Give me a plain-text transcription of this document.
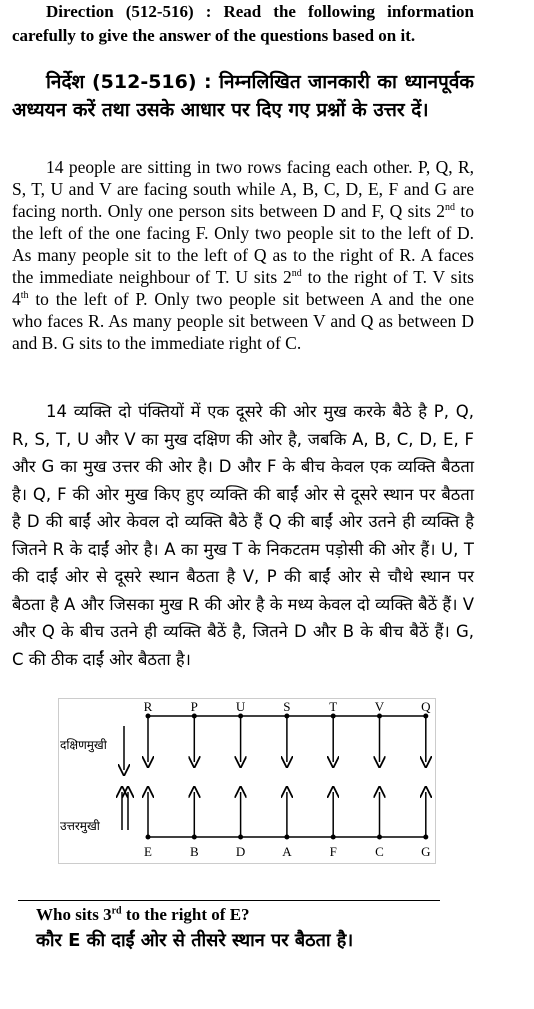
Direction (512-516) : Read the following information carefully to give the answer of the questions based on it.
निर्देश (512-516) : निम्नलिखित जानकारी का ध्यानपूर्वक अध्ययन करें तथा उसके आधार पर दिए गए प्रश्नों के उत्तर दें।
14 people are sitting in two rows facing each other. P, Q, R, S, T, U and V are facing south while A, B, C, D, E, F and G are facing north. Only one person sits between D and F, Q sits 2nd to the left of the one facing F. Only two people sit to the left of D. As many people sit to the left of Q as to the right of R. A faces the immediate neighbour of T. U sits 2nd to the right of T. V sits 4th to the left of P. Only two people sit between A and the one who faces R. As many people sit between V and Q as between D and B. G sits to the immediate right of C.
14 व्यक्ति दो पंक्तियों में एक दूसरे की ओर मुख करके बैठे है P, Q, R, S, T, U और V का मुख दक्षिण की ओर है, जबकि A, B, C, D, E, F और G का मुख उत्तर की ओर है। D और F के बीच केवल एक व्यक्ति बैठता है। Q, F की ओर मुख किए हुए व्यक्ति की बाईं ओर से दूसरे स्थान पर बैठता है D की बाईं ओर केवल दो व्यक्ति बैठे हैं Q की बाईं ओर उतने ही व्यक्ति है जितने R के दाईं ओर है। A का मुख T के निकटतम पड़ोसी की ओर हैं। U, T की दाईं ओर से दूसरे स्थान बैठता है V, P की बाईं ओर से चौथे स्थान पर बैठता है A और जिसका मुख R की ओर है के मध्य केवल दो व्यक्ति बैठें हैं। V और Q के बीच उतने ही व्यक्ति बैठें है, जितने D और B के बीच बैठें हैं। G, C की ठीक दाईं ओर बैठता है।
दक्षिणमुखी
उत्तरमुखी
R	P	U	S	T	V	Q
E	B	D	A	F	C	G
Who sits 3rd to the right of E?
कौर E की दाईं ओर से तीसरे स्थान पर बैठता है।
